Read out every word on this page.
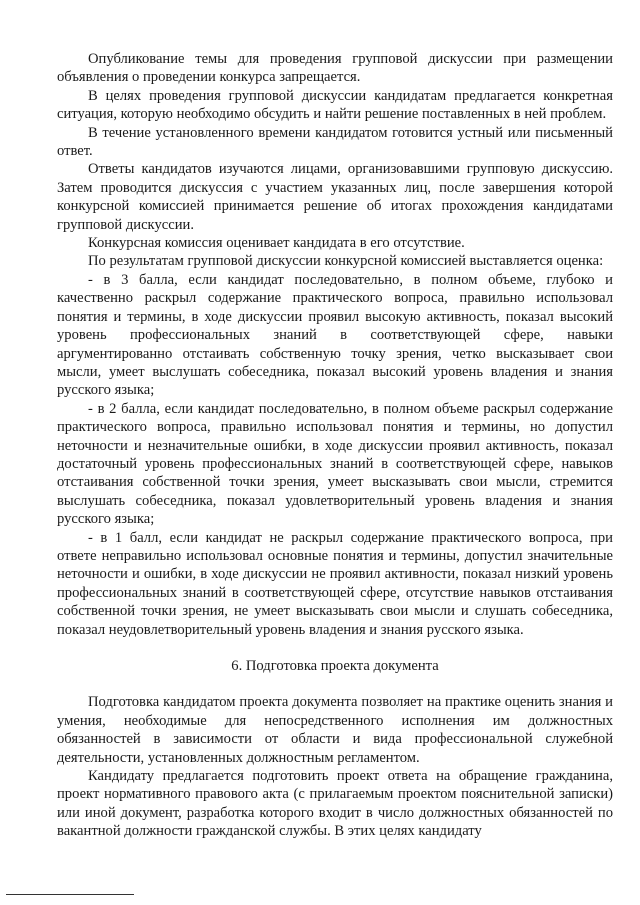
Опубликование темы для проведения групповой дискуссии при размещении объявления о проведении конкурса запрещается.

В целях проведения групповой дискуссии кандидатам предлагается конкретная ситуация, которую необходимо обсудить и найти решение поставленных в ней проблем.

В течение установленного времени кандидатом готовится устный или письменный ответ.

Ответы кандидатов изучаются лицами, организовавшими групповую дискуссию. Затем проводится дискуссия с участием указанных лиц, после завершения которой конкурсной комиссией принимается решение об итогах прохождения кандидатами групповой дискуссии.

Конкурсная комиссия оценивает кандидата в его отсутствие.

По результатам групповой дискуссии конкурсной комиссией выставляется оценка:

- в 3 балла, если кандидат последовательно, в полном объеме, глубоко и качественно раскрыл содержание практического вопроса, правильно использовал понятия и термины, в ходе дискуссии проявил высокую активность, показал высокий уровень профессиональных знаний в соответствующей сфере, навыки аргументированно отстаивать собственную точку зрения, четко высказывает свои мысли, умеет выслушать собеседника, показал высокий уровень владения и знания русского языка;

- в 2 балла, если кандидат последовательно, в полном объеме раскрыл содержание практического вопроса, правильно использовал понятия и термины, но допустил неточности и незначительные ошибки, в ходе дискуссии проявил активность, показал достаточный уровень профессиональных знаний в соответствующей сфере, навыков отстаивания собственной точки зрения, умеет высказывать свои мысли, стремится выслушать собеседника, показал удовлетворительный уровень владения и знания русского языка;

- в 1 балл, если кандидат не раскрыл содержание практического вопроса, при ответе неправильно использовал основные понятия и термины, допустил значительные неточности и ошибки, в ходе дискуссии не проявил активности, показал низкий уровень профессиональных знаний в соответствующей сфере, отсутствие навыков отстаивания собственной точки зрения, не умеет высказывать свои мысли и слушать собеседника, показал неудовлетворительный уровень владения и знания русского языка.

6. Подготовка проекта документа

Подготовка кандидатом проекта документа позволяет на практике оценить знания и умения, необходимые для непосредственного исполнения им должностных обязанностей в зависимости от области и вида профессиональной служебной деятельности, установленных должностным регламентом.

Кандидату предлагается подготовить проект ответа на обращение гражданина, проект нормативного правового акта (с прилагаемым проектом пояснительной записки) или иной документ, разработка которого входит в число должностных обязанностей по вакантной должности гражданской службы. В этих целях кандидату
